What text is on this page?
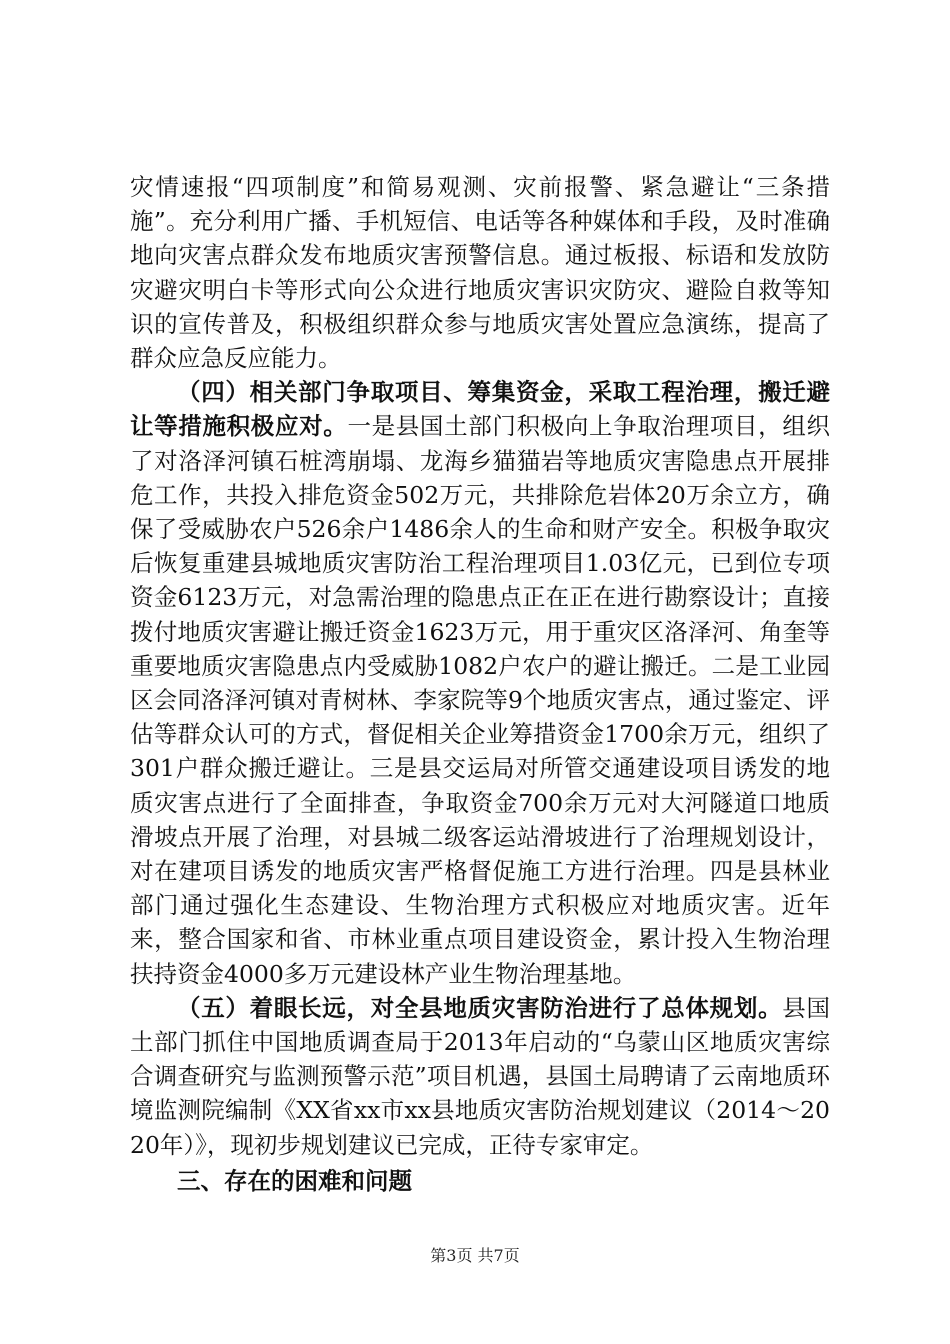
灾情速报“四项制度”和简易观测、灾前报警、紧急避让“三条措施”。充分利用广播、手机短信、电话等各种媒体和手段，及时准确地向灾害点群众发布地质灾害预警信息。通过板报、标语和发放防灾避灾明白卡等形式向公众进行地质灾害识灾防灾、避险自救等知识的宣传普及，积极组织群众参与地质灾害处置应急演练，提高了群众应急反应能力。

（四）相关部门争取项目、筹集资金，采取工程治理，搬迁避让等措施积极应对。一是县国土部门积极向上争取治理项目，组织了对洛泽河镇石桩湾崩塌、龙海乡猫猫岩等地质灾害隐患点开展排危工作，共投入排危资金502万元，共排除危岩体20万余立方，确保了受威胁农户526余户1486余人的生命和财产安全。积极争取灾后恢复重建县城地质灾害防治工程治理项目1.03亿元，已到位专项资金6123万元，对急需治理的隐患点正在正在进行勘察设计；直接拨付地质灾害避让搬迁资金1623万元，用于重灾区洛泽河、角奎等重要地质灾害隐患点内受威胁1082户农户的避让搬迁。二是工业园区会同洛泽河镇对青树林、李家院等9个地质灾害点，通过鉴定、评估等群众认可的方式，督促相关企业筹措资金1700余万元，组织了301户群众搬迁避让。三是县交运局对所管交通建设项目诱发的地质灾害点进行了全面排查，争取资金700余万元对大河隧道口地质滑坡点开展了治理，对县城二级客运站滑坡进行了治理规划设计，对在建项目诱发的地质灾害严格督促施工方进行治理。四是县林业部门通过强化生态建设、生物治理方式积极应对地质灾害。近年来，整合国家和省、市林业重点项目建设资金，累计投入生物治理扶持资金4000多万元建设林产业生物治理基地。

（五）着眼长远，对全县地质灾害防治进行了总体规划。县国土部门抓住中国地质调查局于2013年启动的“乌蒙山区地质灾害综合调查研究与监测预警示范”项目机遇，县国土局聘请了云南地质环境监测院编制《XX省xx市xx县地质灾害防治规划建议（2014～2020年）》，现初步规划建议已完成，正待专家审定。

三、存在的困难和问题

第3页 共7页
